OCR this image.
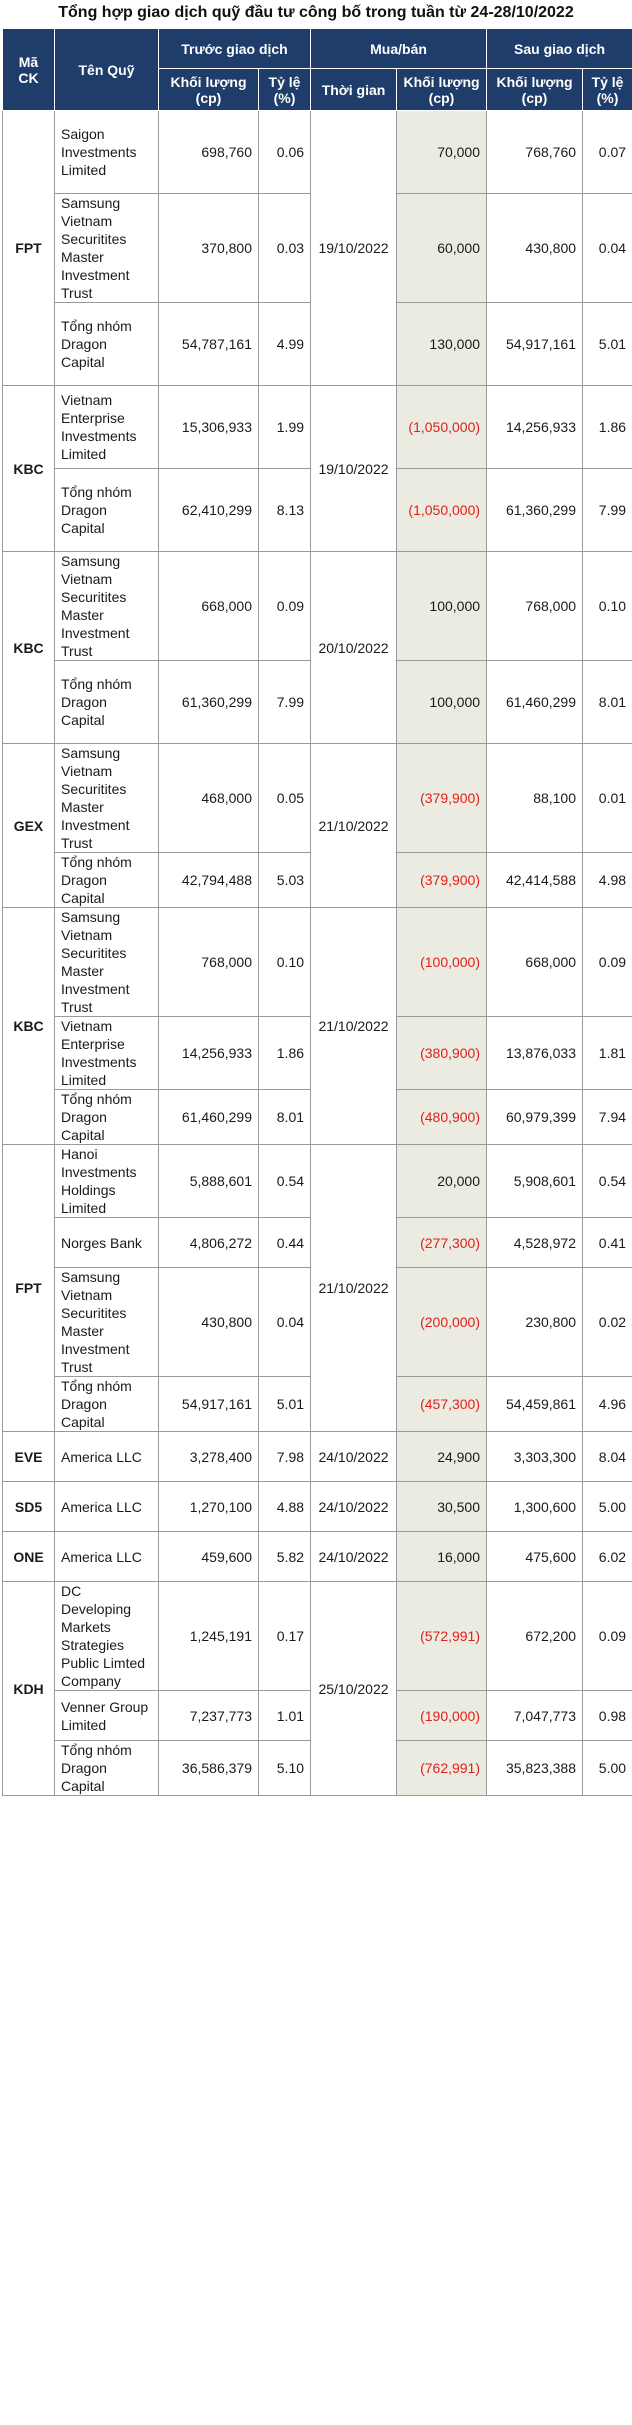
Tổng hợp giao dịch quỹ đầu tư công bố trong tuần từ 24-28/10/2022
Mã CK	Tên Quỹ	Trước giao dịch		Mua/bán		Sau giao dịch	
		Khối lượng (cp)	Tỷ lệ (%)	Thời gian	Khối lượng (cp)	Khối lượng (cp)	Tỷ lệ (%)
FPT	Saigon Investments Limited	698,760	0.06	19/10/2022	70,000	768,760	0.07
	Samsung Vietnam Securitites Master Investment Trust	370,800	0.03		60,000	430,800	0.04
	Tổng nhóm Dragon Capital	54,787,161	4.99		130,000	54,917,161	5.01
KBC	Vietnam Enterprise Investments Limited	15,306,933	1.99	19/10/2022	(1,050,000)	14,256,933	1.86
	Tổng nhóm Dragon Capital	62,410,299	8.13		(1,050,000)	61,360,299	7.99
KBC	Samsung Vietnam Securitites Master Investment Trust	668,000	0.09	20/10/2022	100,000	768,000	0.10
	Tổng nhóm Dragon Capital	61,360,299	7.99		100,000	61,460,299	8.01
GEX	Samsung Vietnam Securitites Master Investment Trust	468,000	0.05	21/10/2022	(379,900)	88,100	0.01
	Tổng nhóm Dragon Capital	42,794,488	5.03		(379,900)	42,414,588	4.98
KBC	Samsung Vietnam Securitites Master Investment Trust	768,000	0.10	21/10/2022	(100,000)	668,000	0.09
	Vietnam Enterprise Investments Limited	14,256,933	1.86		(380,900)	13,876,033	1.81
	Tổng nhóm Dragon Capital	61,460,299	8.01		(480,900)	60,979,399	7.94
FPT	Hanoi Investments Holdings Limited	5,888,601	0.54	21/10/2022	20,000	5,908,601	0.54
	Norges Bank	4,806,272	0.44		(277,300)	4,528,972	0.41
	Samsung Vietnam Securitites Master Investment Trust	430,800	0.04		(200,000)	230,800	0.02
	Tổng nhóm Dragon Capital	54,917,161	5.01		(457,300)	54,459,861	4.96
EVE	America LLC	3,278,400	7.98	24/10/2022	24,900	3,303,300	8.04
SD5	America LLC	1,270,100	4.88	24/10/2022	30,500	1,300,600	5.00
ONE	America LLC	459,600	5.82	24/10/2022	16,000	475,600	6.02
KDH	DC Developing Markets Strategies Public Limted Company	1,245,191	0.17	25/10/2022	(572,991)	672,200	0.09
	Venner Group Limited	7,237,773	1.01		(190,000)	7,047,773	0.98
	Tổng nhóm Dragon Capital	36,586,379	5.10		(762,991)	35,823,388	5.00
